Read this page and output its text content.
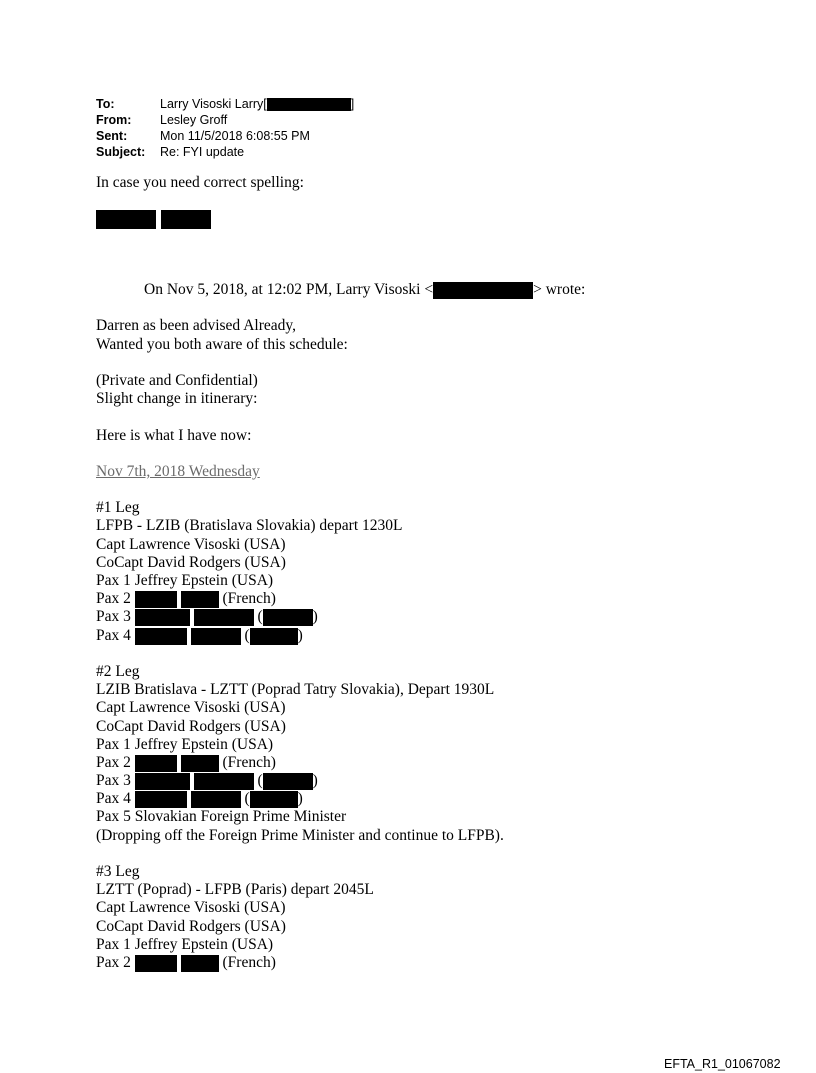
To:	Larry Visoski Larry[	]
From:	Lesley Groff
Sent:	Mon 11/5/2018 6:08:55 PM
Subject:	Re: FYI update
In case you need correct spelling:
On Nov 5, 2018, at 12:02 PM, Larry Visoski <	> wrote:
Darren as been advised Already,
Wanted you both aware of this schedule:
(Private and Confidential)
Slight change in itinerary:
Here is what I have now:
Nov 7th, 2018 Wednesday
#1 Leg
LFPB - LZIB (Bratislava Slovakia) depart 1230L
Capt Lawrence Visoski (USA)
CoCapt David Rodgers (USA)
Pax 1 Jeffrey Epstein (USA)
Pax 2	(French)
Pax 3	(	)
Pax 4	(	)
#2 Leg
LZIB Bratislava - LZTT (Poprad Tatry Slovakia), Depart 1930L
Capt Lawrence Visoski (USA)
CoCapt David Rodgers (USA)
Pax 1 Jeffrey Epstein (USA)
Pax 2	(French)
Pax 3	(	)
Pax 4	(	)
Pax 5 Slovakian Foreign Prime Minister
(Dropping off the Foreign Prime Minister and continue to LFPB).
#3 Leg
LZTT (Poprad) - LFPB (Paris) depart 2045L
Capt Lawrence Visoski (USA)
CoCapt David Rodgers (USA)
Pax 1 Jeffrey Epstein (USA)
Pax 2	(French)
EFTA_R1_01067082
